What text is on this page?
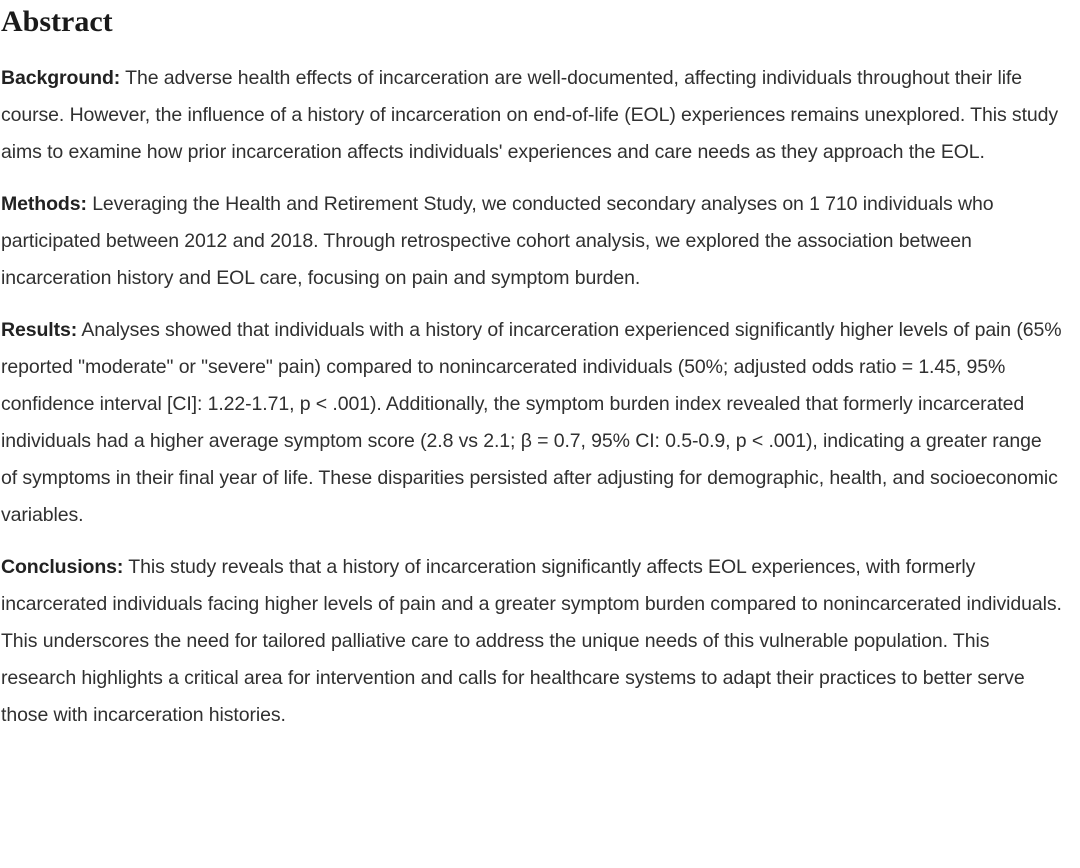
Abstract

Background: The adverse health effects of incarceration are well-documented, affecting individuals throughout their life course. However, the influence of a history of incarceration on end-of-life (EOL) experiences remains unexplored. This study aims to examine how prior incarceration affects individuals' experiences and care needs as they approach the EOL.

Methods: Leveraging the Health and Retirement Study, we conducted secondary analyses on 1 710 individuals who participated between 2012 and 2018. Through retrospective cohort analysis, we explored the association between incarceration history and EOL care, focusing on pain and symptom burden.

Results: Analyses showed that individuals with a history of incarceration experienced significantly higher levels of pain (65% reported "moderate" or "severe" pain) compared to nonincarcerated individuals (50%; adjusted odds ratio = 1.45, 95% confidence interval [CI]: 1.22-1.71, p < .001). Additionally, the symptom burden index revealed that formerly incarcerated individuals had a higher average symptom score (2.8 vs 2.1; β = 0.7, 95% CI: 0.5-0.9, p < .001), indicating a greater range of symptoms in their final year of life. These disparities persisted after adjusting for demographic, health, and socioeconomic variables.

Conclusions: This study reveals that a history of incarceration significantly affects EOL experiences, with formerly incarcerated individuals facing higher levels of pain and a greater symptom burden compared to nonincarcerated individuals. This underscores the need for tailored palliative care to address the unique needs of this vulnerable population. This research highlights a critical area for intervention and calls for healthcare systems to adapt their practices to better serve those with incarceration histories.
